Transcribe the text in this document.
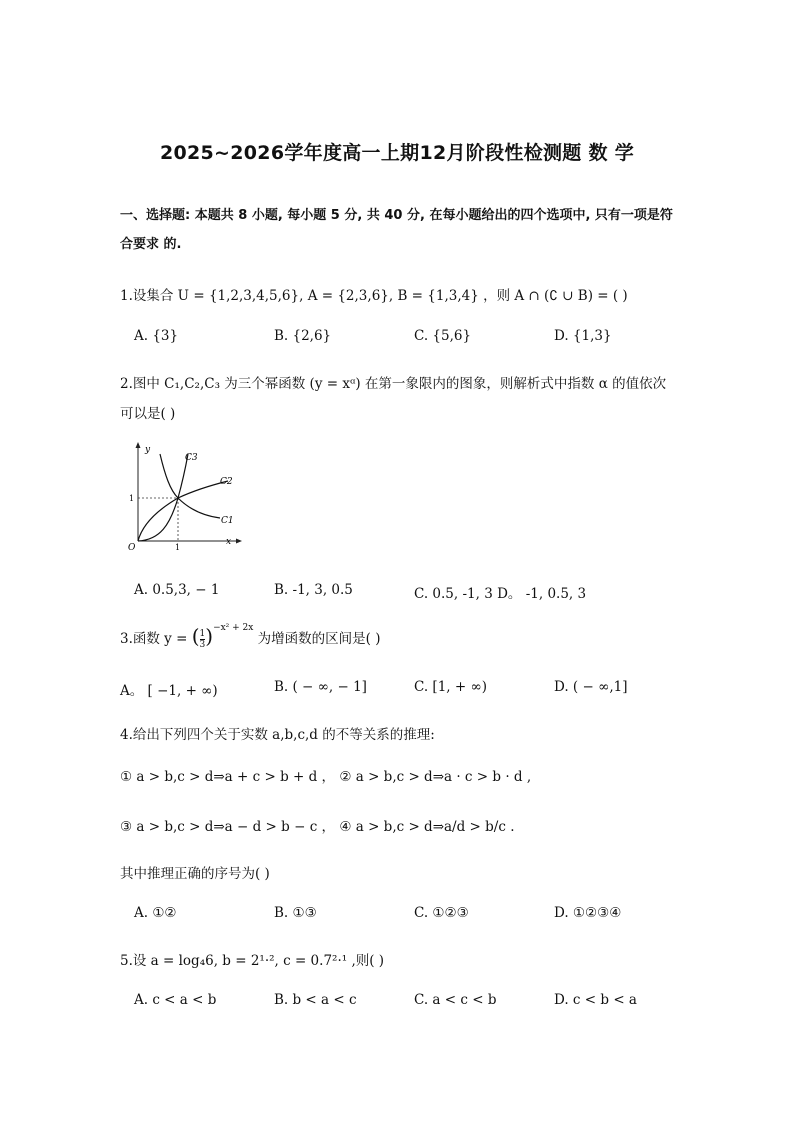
2025~2026学年度高一上期12月阶段性检测题 数 学
一、选择题: 本题共 8 小题, 每小题 5 分, 共 40 分, 在每小题给出的四个选项中, 只有一项是符合要求 的.
1.设集合 U = {1,2,3,4,5,6}, A = {2,3,6}, B = {1,3,4} ，则 A ∩ (∁ ∪ B) = ( )
A. {3}	B. {2,6}	C. {5,6}	D. {1,3}
2.图中 C₁,C₂,C₃ 为三个幂函数 (y = xᵅ) 在第一象限内的图象，则解析式中指数 α 的值依次
可以是( )
y
x
O	1
1
C3
C2
C1
A. 0.5,3, − 1	B. -1, 3, 0.5	C. 0.5, -1, 3 D。 -1, 0.5, 3
3.函数 y = ( $\frac{1}{3} )^{-x^2 + 2x}$ 为增函数的区间是( )
A。 [ −1, + ∞)	B. ( − ∞, − 1]	C. [1, + ∞)	D. ( − ∞,1]
4.给出下列四个关于实数 a,b,c,d 的不等关系的推理:
① a > b,c > d⇒a + c > b + d ， ② a > b,c > d⇒a · c > b · d ,
③ a > b,c > d⇒a − d > b − c ， ④ a > b,c > d⇒a/d > b/c .
其中推理正确的序号为( )
A. ①②	B. ①③	C. ①②③	D. ①②③④
5.设 a = log₄6, b = 2¹·², c = 0.7²·¹ ,则( )
A. c < a < b	B. b < a < c	C. a < c < b	D. c < b < a
